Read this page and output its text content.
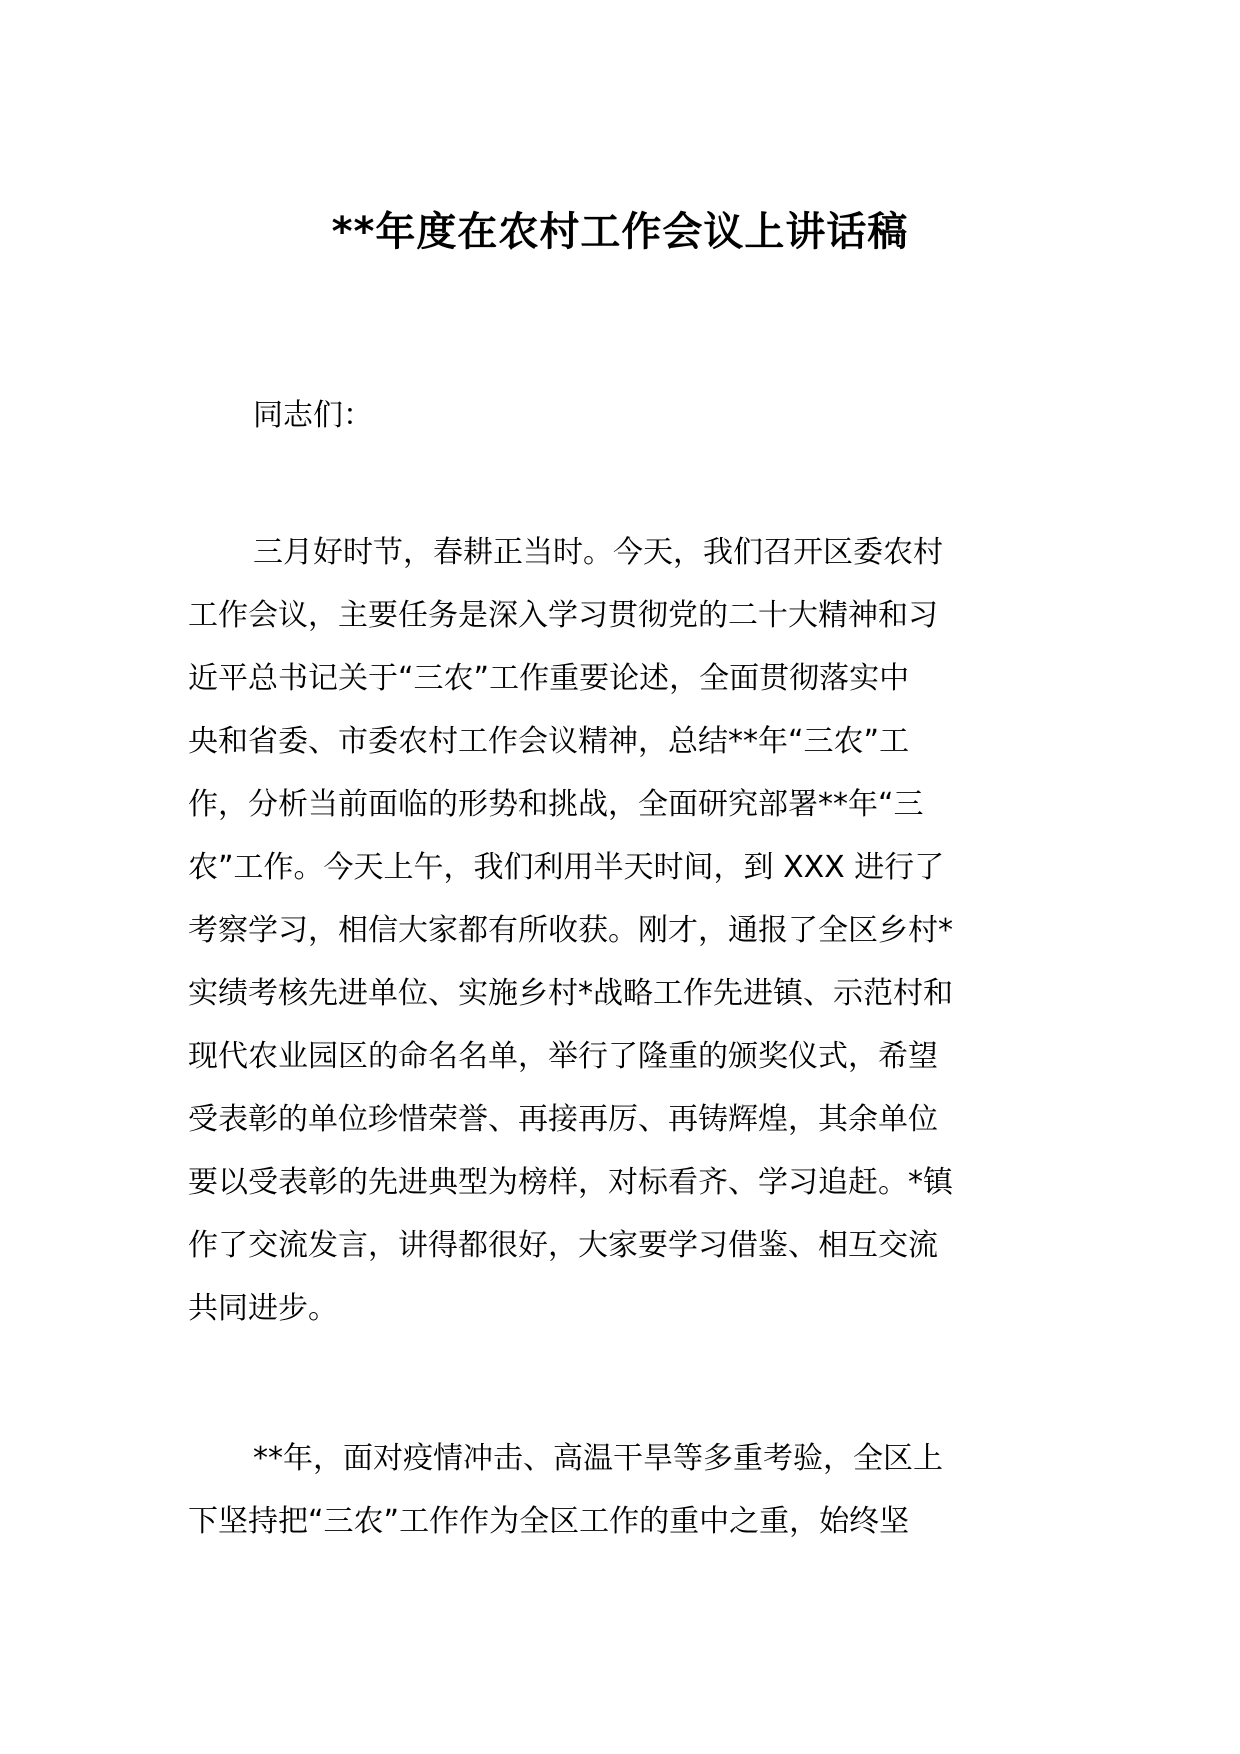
**年度在农村工作会议上讲话稿
同志们：
三月好时节，春耕正当时。今天，我们召开区委农村
工作会议，主要任务是深入学习贯彻党的二十大精神和习
近平总书记关于“三农”工作重要论述，全面贯彻落实中
央和省委、市委农村工作会议精神，总结**年“三农”工
作，分析当前面临的形势和挑战，全面研究部署**年“三
农”工作。今天上午，我们利用半天时间，到 XXX 进行了
考察学习，相信大家都有所收获。刚才，通报了全区乡村*
实绩考核先进单位、实施乡村*战略工作先进镇、示范村和
现代农业园区的命名名单，举行了隆重的颁奖仪式，希望
受表彰的单位珍惜荣誉、再接再厉、再铸辉煌，其余单位
要以受表彰的先进典型为榜样，对标看齐、学习追赶。*镇
作了交流发言，讲得都很好，大家要学习借鉴、相互交流
共同进步。
**年，面对疫情冲击、高温干旱等多重考验，全区上
下坚持把“三农”工作作为全区工作的重中之重，始终坚
